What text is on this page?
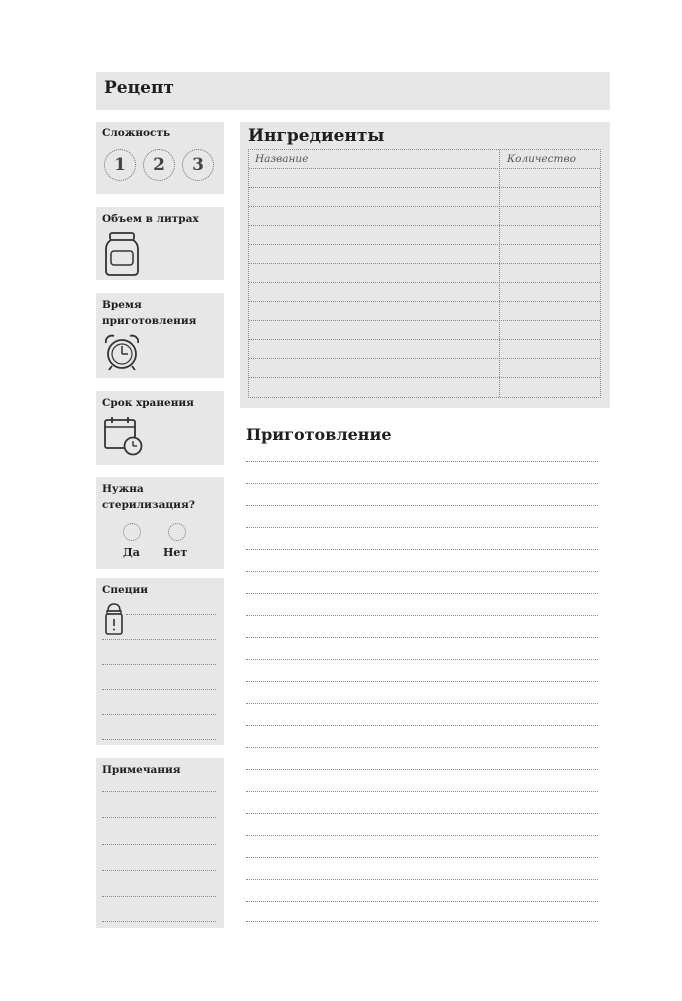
Рецепт
Сложность
1	2	3
Объем в литрах
Время
приготовления
Срок хранения
Нужна
стерилизация?
Да Нет
Специи
Примечания
Ингредиенты
Название	Количество
Приготовление
